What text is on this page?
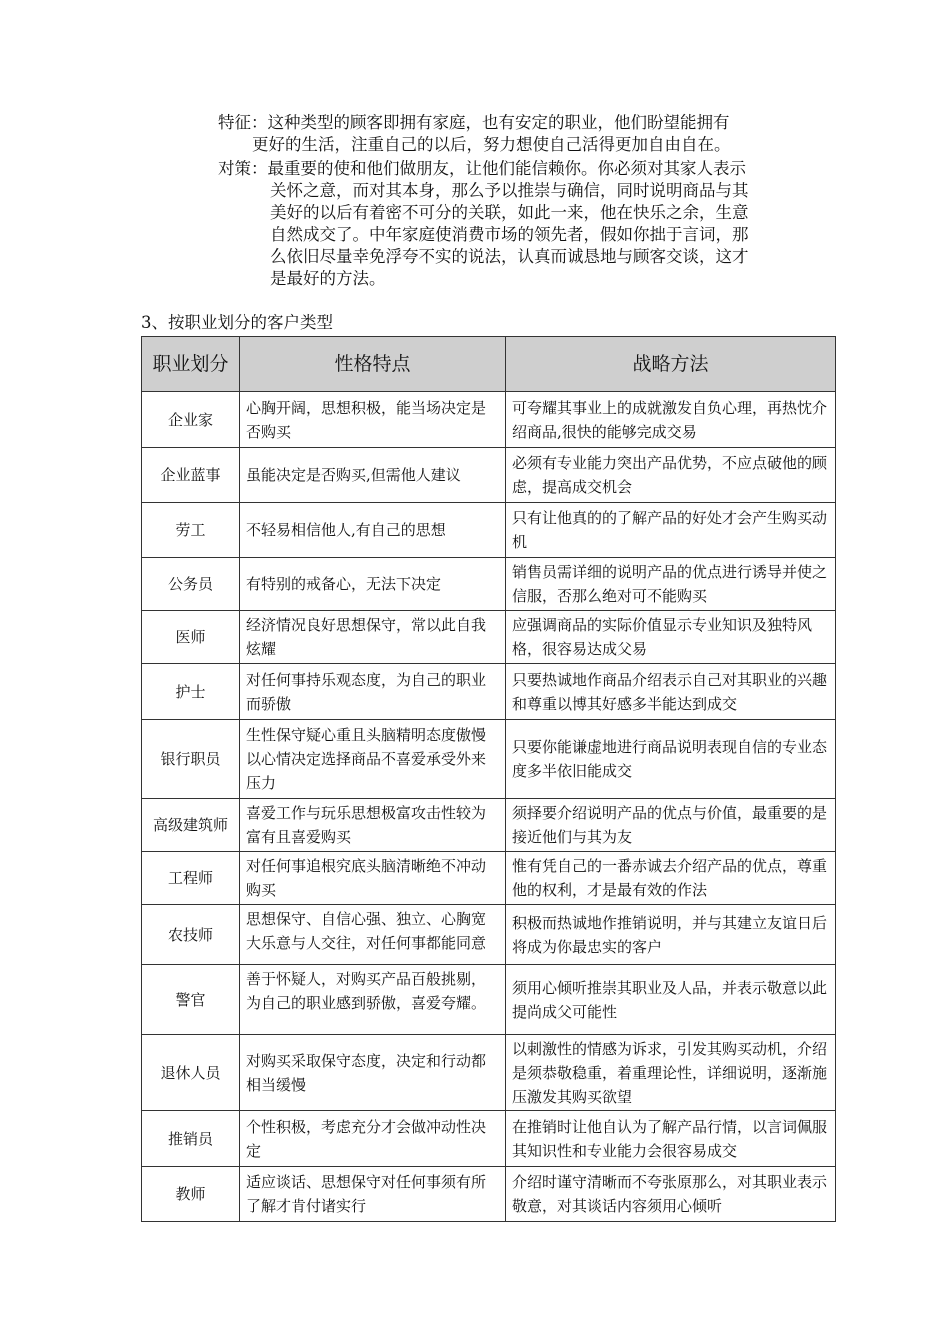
特征：这种类型的顾客即拥有家庭，也有安定的职业，他们盼望能拥有
更好的生活，注重自己的以后，努力想使自己活得更加自由自在。
对策：最重要的使和他们做朋友，让他们能信赖你。你必须对其家人表示
关怀之意，而对其本身，那么予以推崇与确信，同时说明商品与其
美好的以后有着密不可分的关联，如此一来，他在快乐之余，生意
自然成交了。中年家庭使消费市场的领先者，假如你拙于言词，那
么依旧尽量幸免浮夸不实的说法，认真而诚恳地与顾客交谈，这才
是最好的方法。
3、按职业划分的客户类型
职业划分	性格特点	战略方法
企业家	心胸开阔，思想积极，能当场决定是否购买	可夸耀其事业上的成就激发自负心理，再热忱介绍商品,很快的能够完成交易
企业蓝事	虽能决定是否购买,但需他人建议	必须有专业能力突出产品优势，不应点破他的顾虑，提高成交机会
劳工	不轻易相信他人,有自己的思想	只有让他真的的了解产品的好处才会产生购买动机
公务员	有特别的戒备心，无法下决定	销售员需详细的说明产品的优点进行诱导并使之信服，否那么绝对可不能购买
医师	经济情况良好思想保守，常以此自我炫耀	应强调商品的实际价值显示专业知识及独特风格，很容易达成父易
护士	对任何事持乐观态度，为自己的职业而骄傲	只要热诚地作商品介绍表示自己对其职业的兴趣和尊重以博其好感多半能达到成交
银行职员	生性保守疑心重且头脑精明态度傲慢以心情决定选择商品不喜爱承受外来压力	只要你能谦虚地进行商品说明表现自信的专业态度多半依旧能成交
高级建筑师	喜爱工作与玩乐思想极富攻击性较为富有且喜爱购买	须择要介绍说明产品的优点与价值，最重要的是接近他们与其为友
工程师	对任何事追根究底头脑清晰绝不冲动购买	惟有凭自己的一番赤诚去介绍产品的优点，尊重他的权利，才是最有效的作法
农技师	思想保守、自信心强、独立、心胸宽大乐意与人交往，对任何事都能同意	积极而热诚地作推销说明，并与其建立友谊日后将成为你最忠实的客户
警官	善于怀疑人，对购买产品百般挑剔，为自己的职业感到骄傲，喜爱夸耀。	须用心倾听推崇其职业及人品，并表示敬意以此提尚成父可能性
退休人员	对购买采取保守态度，决定和行动都相当缓慢	以刺激性的情感为诉求，引发其购买动机，介绍是须恭敬稳重，着重理论性，详细说明，逐渐施压激发其购买欲望
推销员	个性积极，考虑充分才会做冲动性决定	在推销时让他自认为了解产品行情，以言词佩服其知识性和专业能力会很容易成交
教师	适应谈话、思想保守对任何事须有所了解才肯付诸实行	介绍时谨守清晰而不夸张原那么，对其职业表示敬意，对其谈话内容须用心倾听
